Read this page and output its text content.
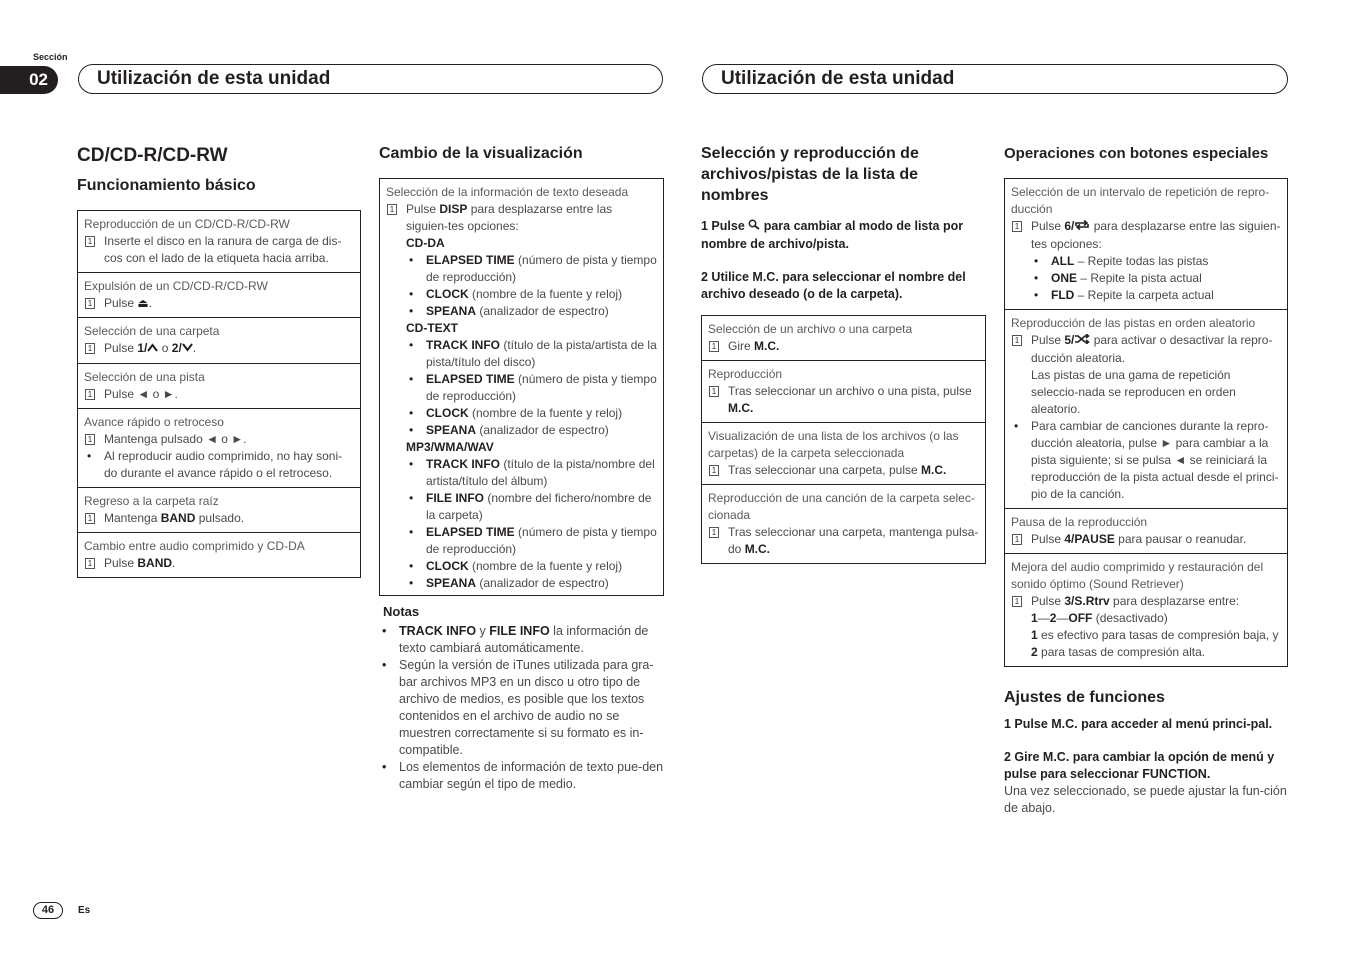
Sección
02	Utilización de esta unidad	Utilización de esta unidad
CD/CD-R/CD-RW
Funcionamiento básico
Reproducción de un CD/CD-R/CD-RW
1 Inserte el disco en la ranura de carga de dis-cos con el lado de la etiqueta hacia arriba.
Expulsión de un CD/CD-R/CD-RW
1 Pulse ⏏.
Selección de una carpeta
1 Pulse 1/ o 2/ .
Selección de una pista
1 Pulse ◄ o ►.
Avance rápido o retroceso
1 Mantenga pulsado ◄ o ►.
• Al reproducir audio comprimido, no hay soni-do durante el avance rápido o el retroceso.
Regreso a la carpeta raíz
1 Mantenga BAND pulsado.
Cambio entre audio comprimido y CD-DA
1 Pulse BAND.
Cambio de la visualización
Selección de la información de texto deseada
1 Pulse DISP para desplazarse entre las siguien-tes opciones:
CD-DA
• ELAPSED TIME (número de pista y tiempo de reproducción)
• CLOCK (nombre de la fuente y reloj)
• SPEANA (analizador de espectro)
CD-TEXT
• TRACK INFO (título de la pista/artista de la pista/título del disco)
• ELAPSED TIME (número de pista y tiempo de reproducción)
• CLOCK (nombre de la fuente y reloj)
• SPEANA (analizador de espectro)
MP3/WMA/WAV
• TRACK INFO (título de la pista/nombre del artista/título del álbum)
• FILE INFO (nombre del fichero/nombre de la carpeta)
• ELAPSED TIME (número de pista y tiempo de reproducción)
• CLOCK (nombre de la fuente y reloj)
• SPEANA (analizador de espectro)
Notas
• TRACK INFO y FILE INFO la información de texto cambiará automáticamente.
• Según la versión de iTunes utilizada para gra-bar archivos MP3 en un disco u otro tipo de archivo de medios, es posible que los textos contenidos en el archivo de audio no se muestren correctamente si su formato es in-compatible.
• Los elementos de información de texto pue-den cambiar según el tipo de medio.
Selección y reproducción de archivos/pistas de la lista de nombres
1 Pulse  para cambiar al modo de lista por nombre de archivo/pista.
2 Utilice M.C. para seleccionar el nombre del archivo deseado (o de la carpeta).
Selección de un archivo o una carpeta
1 Gire M.C.
Reproducción
1 Tras seleccionar un archivo o una pista, pulse M.C.
Visualización de una lista de los archivos (o las carpetas) de la carpeta seleccionada
1 Tras seleccionar una carpeta, pulse M.C.
Reproducción de una canción de la carpeta selec-cionada
1 Tras seleccionar una carpeta, mantenga pulsa-do M.C.
Operaciones con botones especiales
Selección de un intervalo de repetición de repro-ducción
1 Pulse 6/ para desplazarse entre las siguien-tes opciones:
• ALL – Repite todas las pistas
• ONE – Repite la pista actual
• FLD – Repite la carpeta actual
Reproducción de las pistas en orden aleatorio
1 Pulse 5/ para activar o desactivar la repro-ducción aleatoria.
Las pistas de una gama de repetición seleccio-nada se reproducen en orden aleatorio.
• Para cambiar de canciones durante la repro-ducción aleatoria, pulse ► para cambiar a la pista siguiente; si se pulsa ◄ se reiniciará la reproducción de la pista actual desde el princi-pio de la canción.
Pausa de la reproducción
1 Pulse 4/PAUSE para pausar o reanudar.
Mejora del audio comprimido y restauración del sonido óptimo (Sound Retriever)
1 Pulse 3/S.Rtrv para desplazarse entre:
1—2—OFF (desactivado)
1 es efectivo para tasas de compresión baja, y
2 para tasas de compresión alta.
Ajustes de funciones
1 Pulse M.C. para acceder al menú princi-pal.
2 Gire M.C. para cambiar la opción de menú y pulse para seleccionar FUNCTION.
Una vez seleccionado, se puede ajustar la fun-ción de abajo.
46	Es
